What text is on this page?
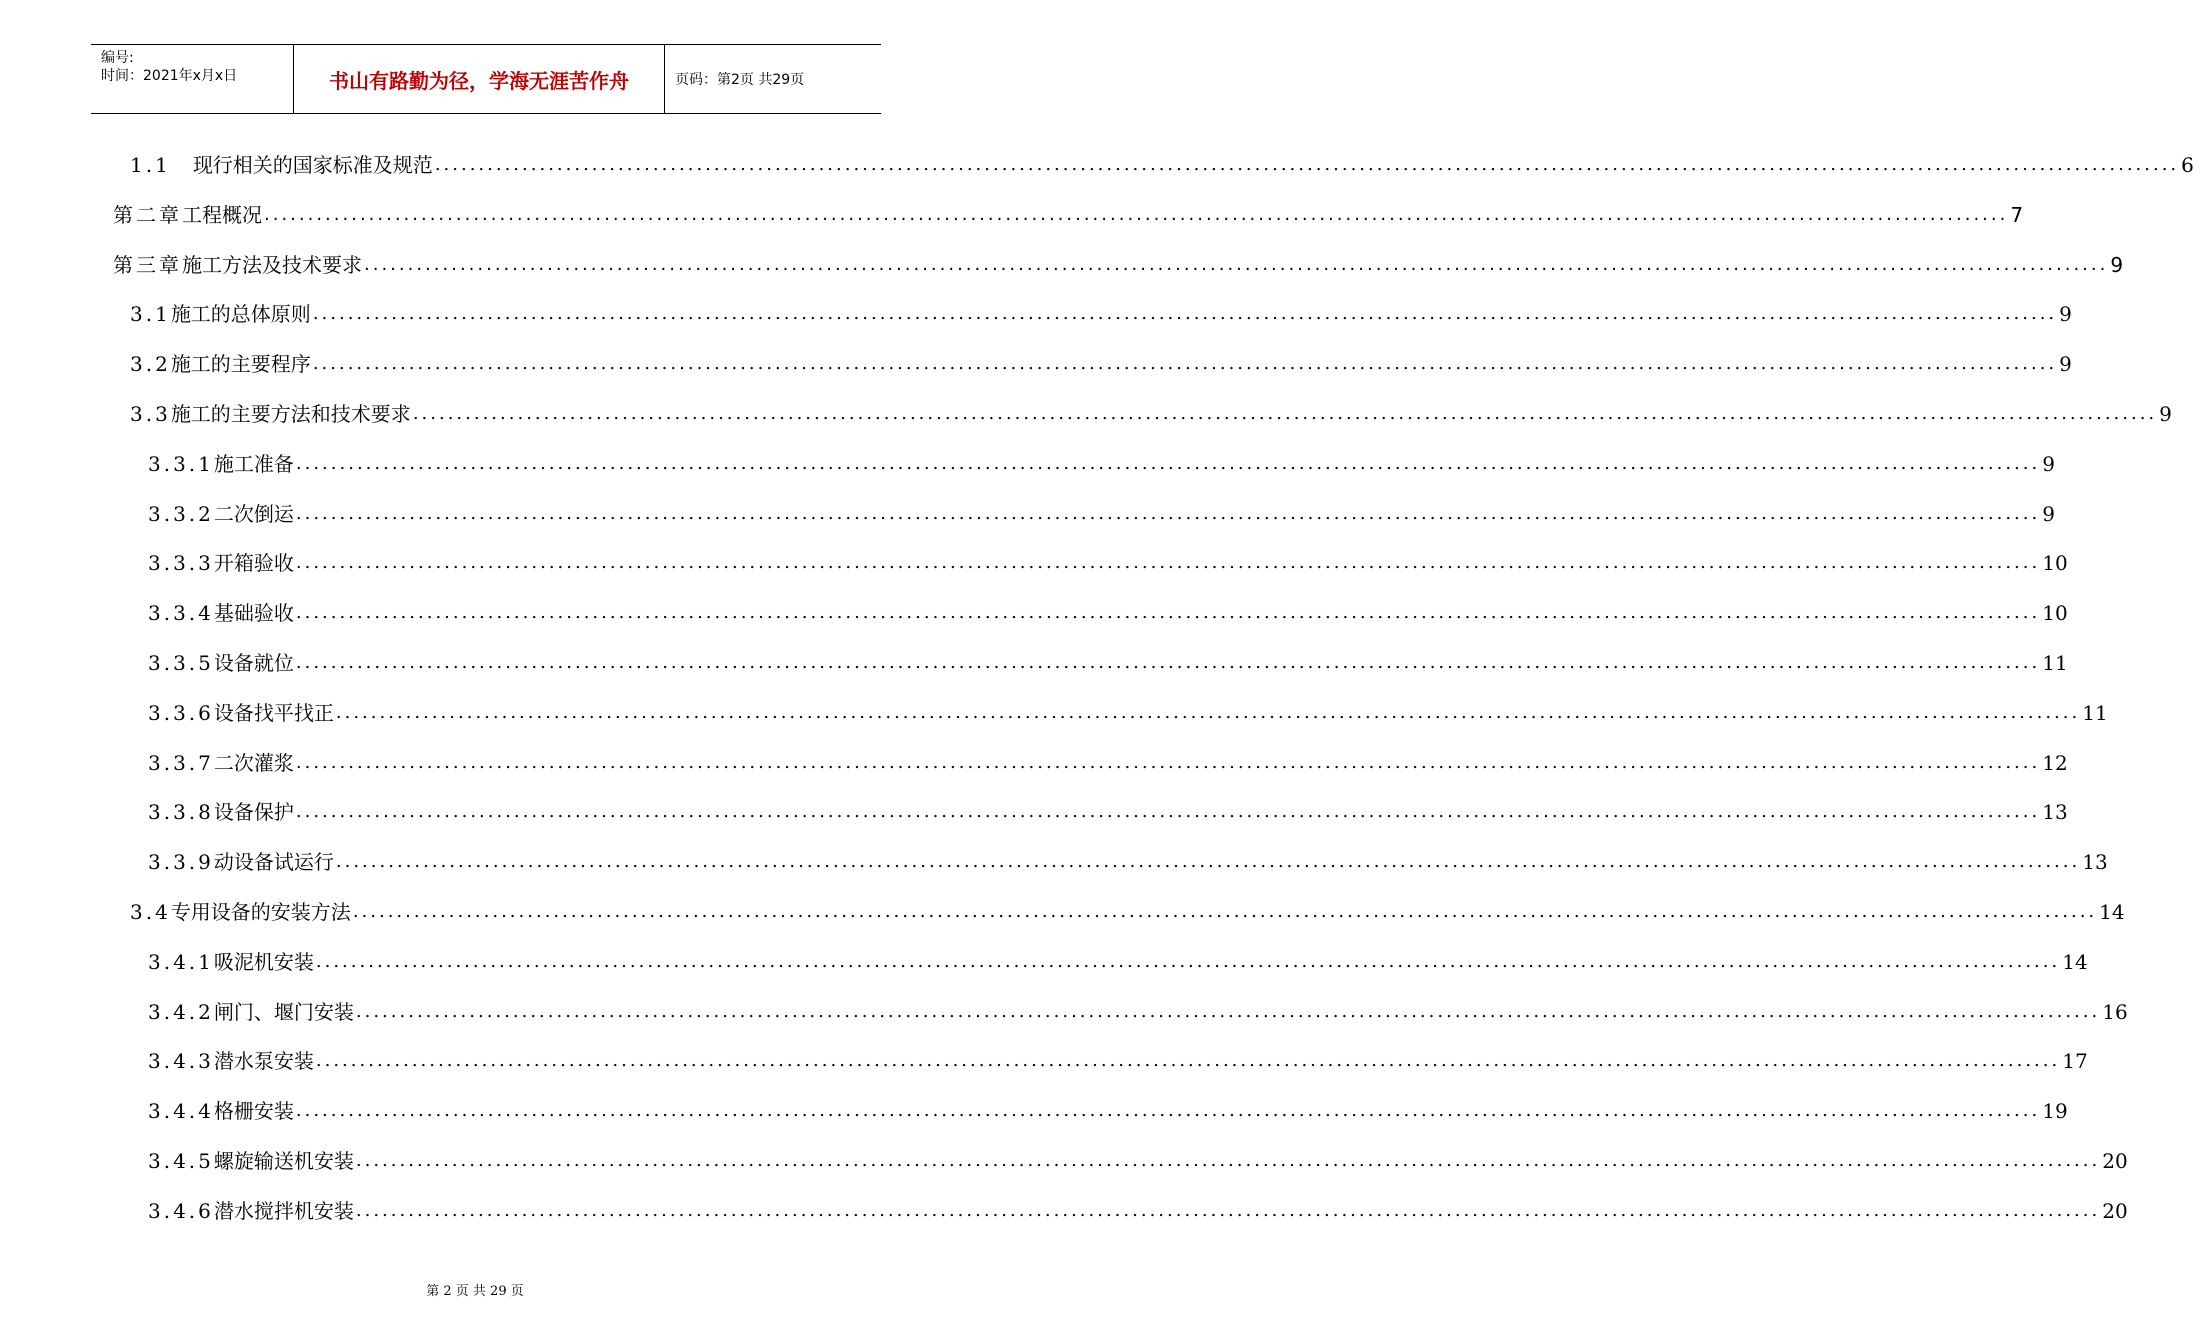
编号:
时间：2021年x月x日	书山有路勤为径，学海无涯苦作舟	页码：第2页 共29页
1.1 现行相关的国家标准及规范 ........................................................................................................................................................................................................ 6
第二章 工程概况 ........................................................................................................................................................................................................ 7
第三章 施工方法及技术要求 ........................................................................................................................................................................................................ 9
3.1 施工的总体原则 ........................................................................................................................................................................................................ 9
3.2 施工的主要程序 ........................................................................................................................................................................................................ 9
3.3 施工的主要方法和技术要求 ........................................................................................................................................................................................................ 9
3.3.1 施工准备 ........................................................................................................................................................................................................ 9
3.3.2 二次倒运 ........................................................................................................................................................................................................ 9
3.3.3 开箱验收 ........................................................................................................................................................................................................ 10
3.3.4 基础验收 ........................................................................................................................................................................................................ 10
3.3.5 设备就位 ........................................................................................................................................................................................................ 11
3.3.6 设备找平找正 ........................................................................................................................................................................................................ 11
3.3.7 二次灌浆 ........................................................................................................................................................................................................ 12
3.3.8 设备保护 ........................................................................................................................................................................................................ 13
3.3.9 动设备试运行 ........................................................................................................................................................................................................ 13
3.4 专用设备的安装方法 ........................................................................................................................................................................................................ 14
3.4.1 吸泥机安装 ........................................................................................................................................................................................................ 14
3.4.2 闸门、堰门安装 ........................................................................................................................................................................................................ 16
3.4.3 潜水泵安装 ........................................................................................................................................................................................................ 17
3.4.4 格栅安装 ........................................................................................................................................................................................................ 19
3.4.5 螺旋输送机安装 ........................................................................................................................................................................................................ 20
3.4.6 潜水搅拌机安装 ........................................................................................................................................................................................................ 20
第 2 页 共 29 页
